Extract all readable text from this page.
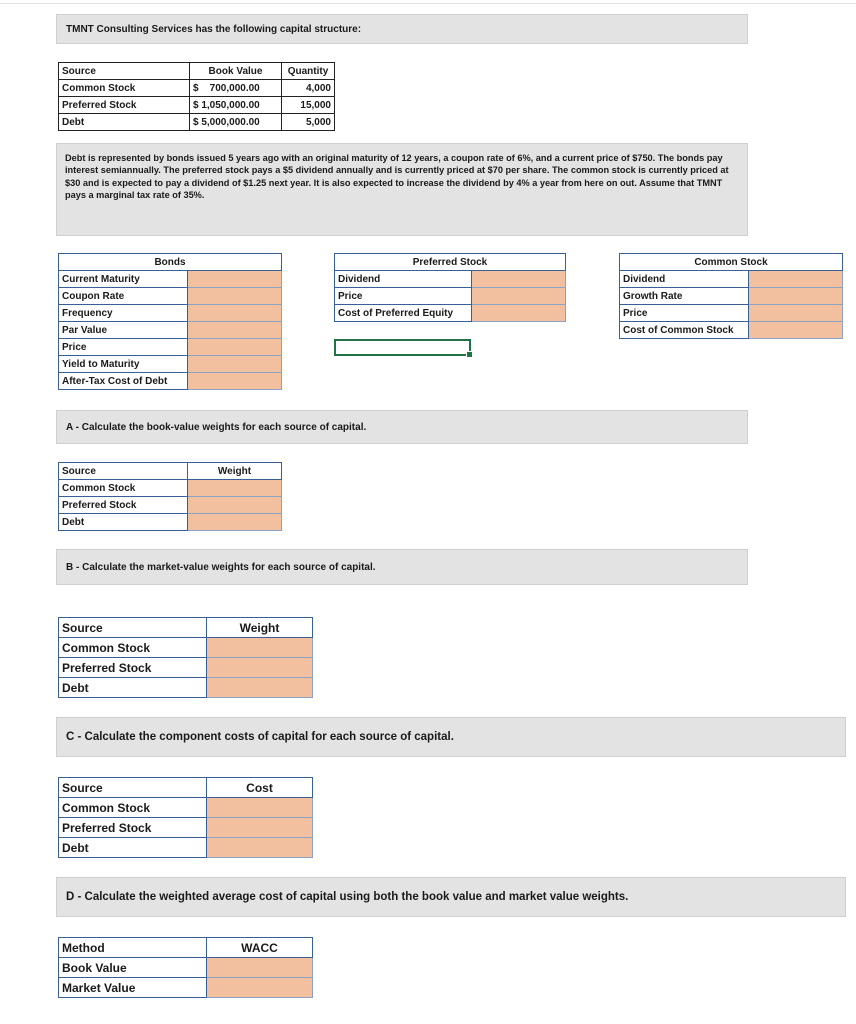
TMNT Consulting Services has the following capital structure:
Source	Book Value	Quantity
Common Stock	$    700,000.00	4,000
Preferred Stock	$ 1,050,000.00	15,000
Debt	$ 5,000,000.00	5,000
Debt is represented by bonds issued 5 years ago with an original maturity of 12 years, a coupon rate of 6%, and a current price of $750. The bonds pay interest semiannually. The preferred stock pays a $5 dividend annually and is currently priced at $70 per share. The common stock is currently priced at $30 and is expected to pay a dividend of $1.25 next year. It is also expected to increase the dividend by 4% a year from here on out. Assume that TMNT pays a marginal tax rate of 35%.
Bonds	
Current Maturity	
Coupon Rate	
Frequency	
Par Value	
Price	
Yield to Maturity	
After-Tax Cost of Debt	
Preferred Stock	
Dividend	
Price	
Cost of Preferred Equity	
Common Stock	
Dividend	
Growth Rate	
Price	
Cost of Common Stock	
A - Calculate the book-value weights for each source of capital.
Source	Weight
Common Stock	
Preferred Stock	
Debt	
B - Calculate the market-value weights for each source of capital.
Source	Weight
Common Stock	
Preferred Stock	
Debt	
C - Calculate the component costs of capital for each source of capital.
Source	Cost
Common Stock	
Preferred Stock	
Debt	
D - Calculate the weighted average cost of capital using both the book value and market value weights.
Method	WACC
Book Value	
Market Value	
